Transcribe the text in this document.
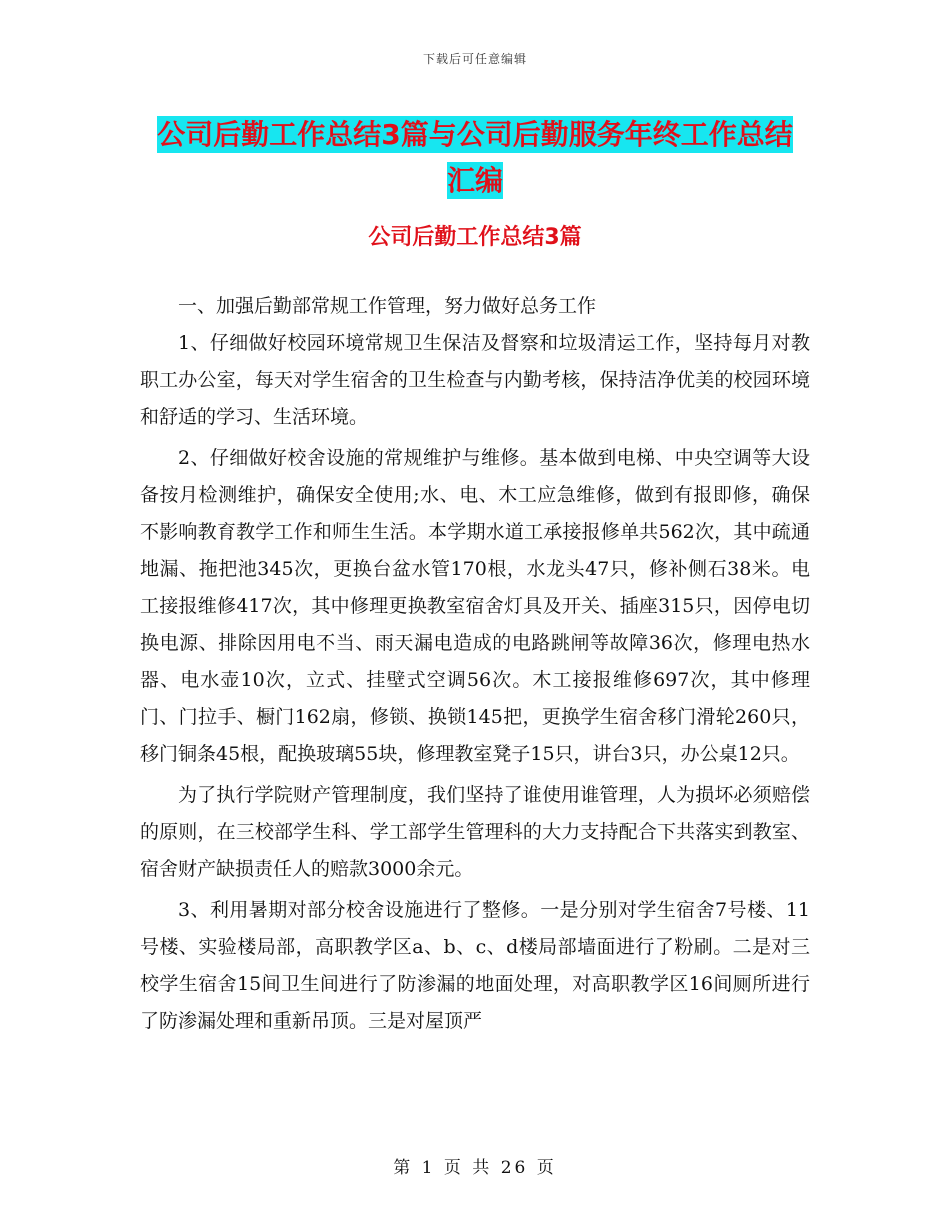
下载后可任意编辑
公司后勤工作总结3篇与公司后勤服务年终工作总结汇编
公司后勤工作总结3篇

一、加强后勤部常规工作管理，努力做好总务工作

1、仔细做好校园环境常规卫生保洁及督察和垃圾清运工作，坚持每月对教职工办公室，每天对学生宿舍的卫生检查与内勤考核，保持洁净优美的校园环境和舒适的学习、生活环境。

2、仔细做好校舍设施的常规维护与维修。基本做到电梯、中央空调等大设备按月检测维护，确保安全使用;水、电、木工应急维修，做到有报即修，确保不影响教育教学工作和师生生活。本学期水道工承接报修单共562次，其中疏通地漏、拖把池345次，更换台盆水管170根，水龙头47只，修补侧石38米。电工接报维修417次，其中修理更换教室宿舍灯具及开关、插座315只，因停电切换电源、排除因用电不当、雨天漏电造成的电路跳闸等故障36次，修理电热水器、电水壶10次，立式、挂壁式空调56次。木工接报维修697次，其中修理门、门拉手、橱门162扇，修锁、换锁145把，更换学生宿舍移门滑轮260只，移门铜条45根，配换玻璃55块，修理教室凳子15只，讲台3只，办公桌12只。

为了执行学院财产管理制度，我们坚持了谁使用谁管理，人为损坏必须赔偿的原则，在三校部学生科、学工部学生管理科的大力支持配合下共落实到教室、宿舍财产缺损责任人的赔款3000余元。

3、利用暑期对部分校舍设施进行了整修。一是分别对学生宿舍7号楼、11号楼、实验楼局部，高职教学区a、b、c、d楼局部墙面进行了粉刷。二是对三校学生宿舍15间卫生间进行了防渗漏的地面处理，对高职教学区16间厕所进行了防渗漏处理和重新吊顶。三是对屋顶严

第 1 页 共 26 页
